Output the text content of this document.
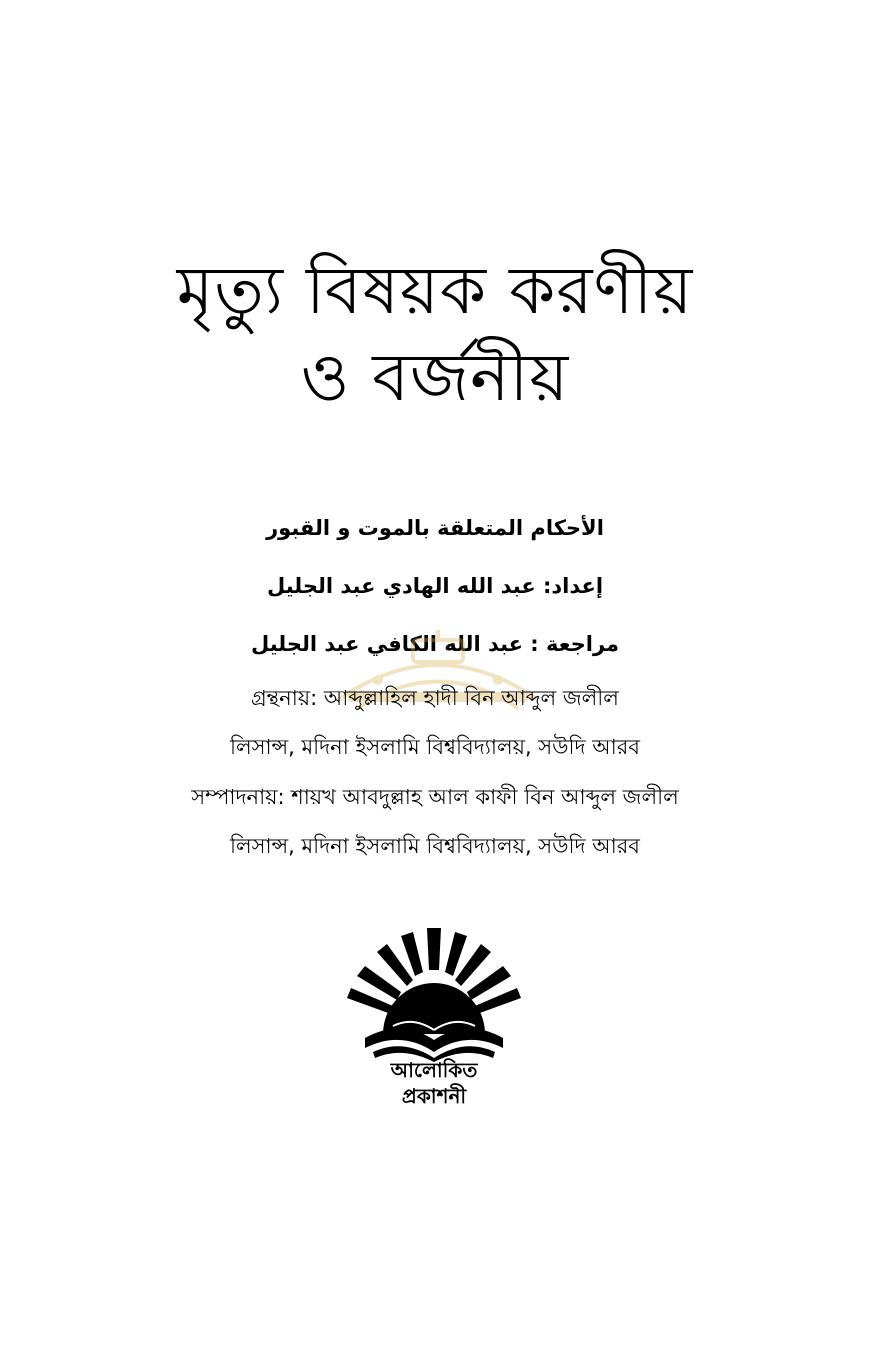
মৃত্যু বিষয়ক করণীয়
ও বর্জনীয়
الأحكام المتعلقة بالموت و القبور
إعداد: عبد الله الهادي عبد الجليل
مراجعة : عبد الله الكافي عبد الجليل
গ্রন্থনায়: আব্দুল্লাহিল হাদী বিন আব্দুল জলীল
লিসান্স, মদিনা ইসলামি বিশ্ববিদ্যালয়, সউদি আরব
সম্পাদনায়: শায়খ আবদুল্লাহ আল কাফী বিন আব্দুল জলীল
লিসান্স, মদিনা ইসলামি বিশ্ববিদ্যালয়, সউদি আরব
আলোকিত
প্রকাশনী
